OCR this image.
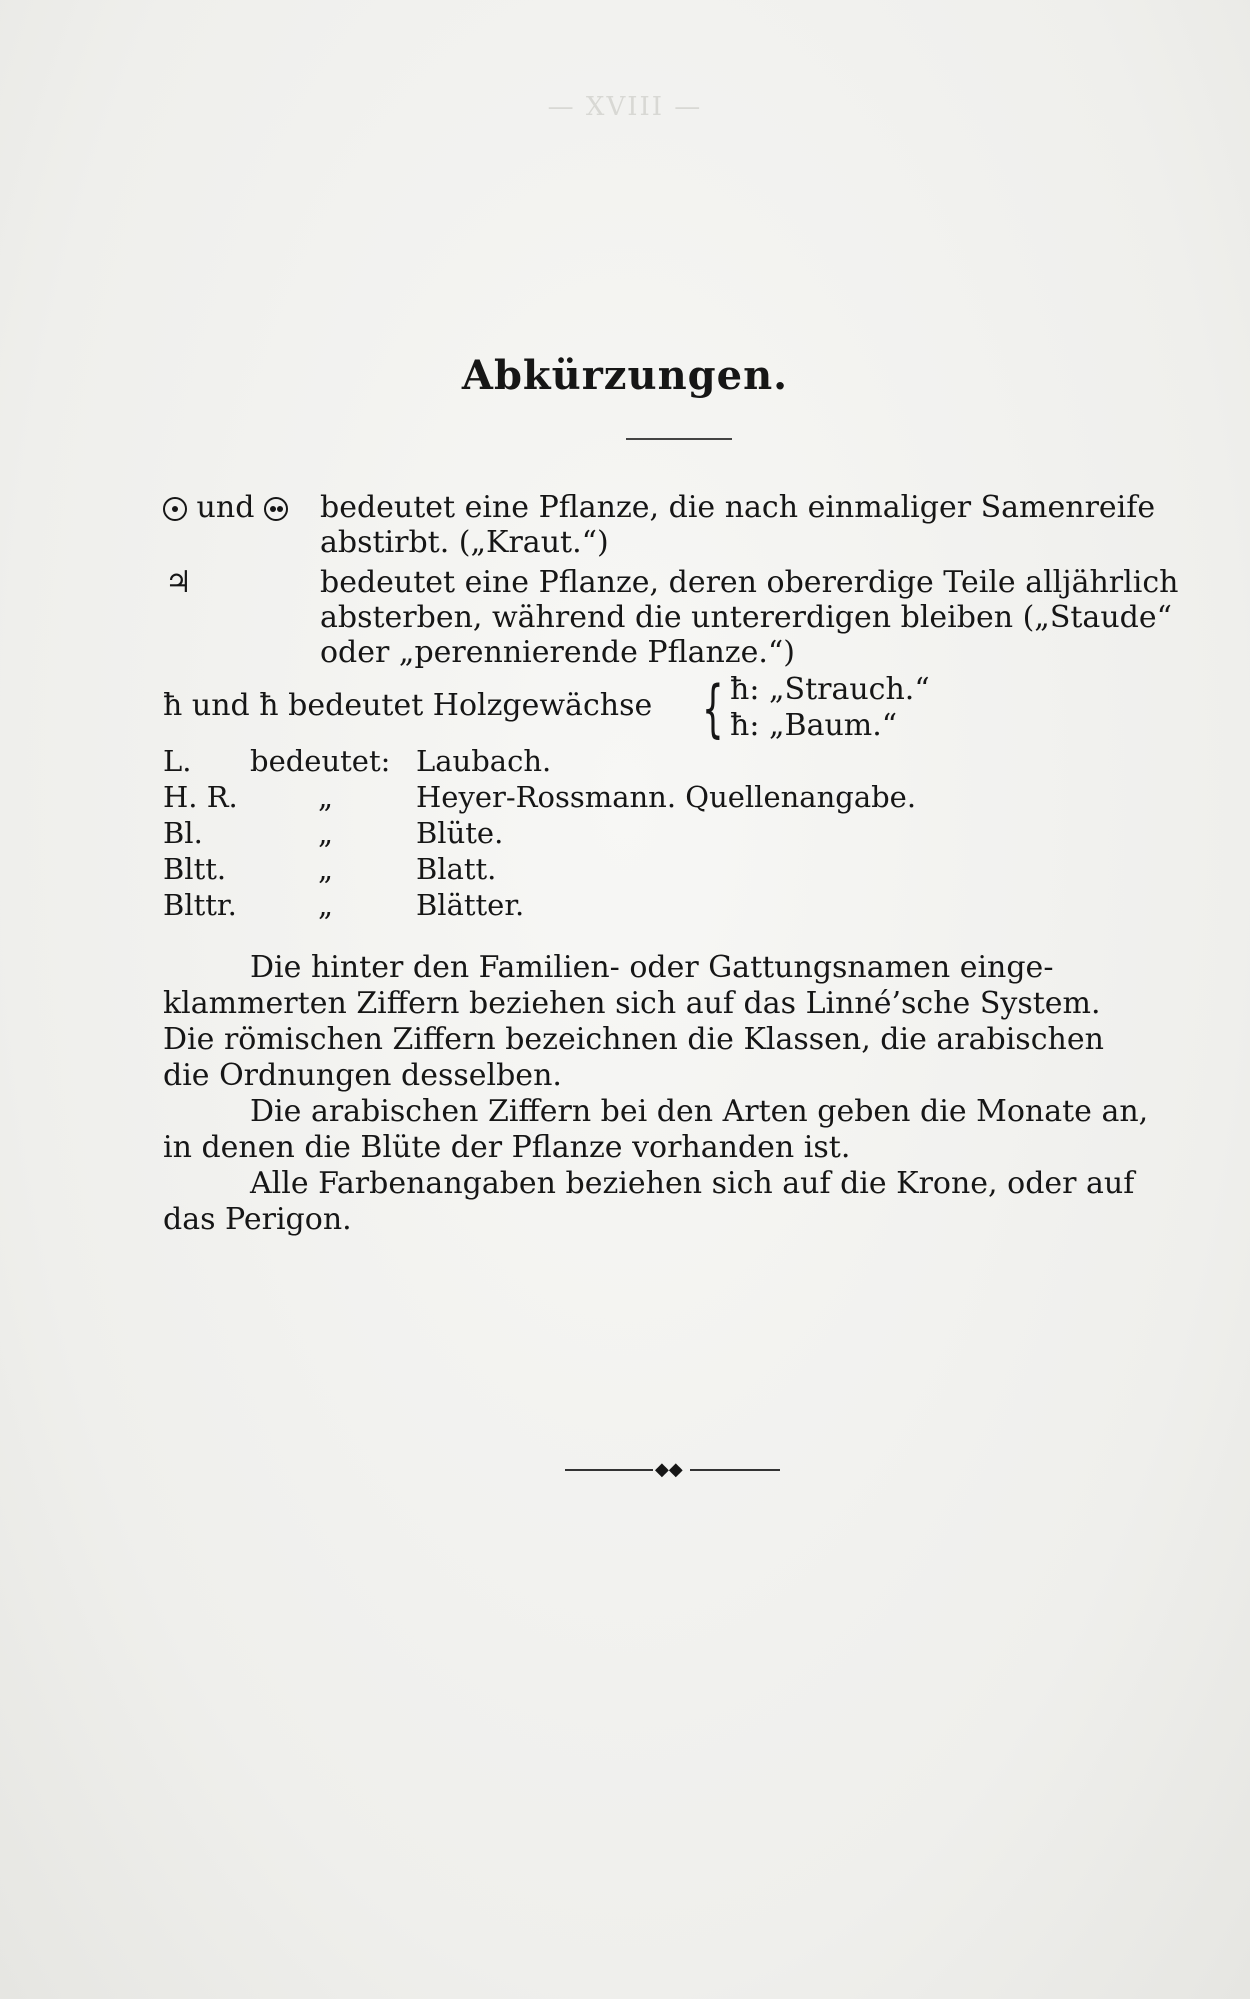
— XVIII —
Abkürzungen.
und	bedeutet eine Pflanze, die nach einmaliger Samenreife
abstirbt. („Kraut.“)
♃	bedeutet eine Pflanze, deren obererdige Teile alljährlich
absterben, während die untererdigen bleiben („Staude“
oder „perennierende Pflanze.“)
ħ und ħ bedeutet Holzgewächse { ħ: „Strauch.“
ħ: „Baum.“
L. bedeutet: Laubach.
H. R.	„	Heyer-Rossmann. Quellenangabe.
Bl.	„	Blüte.
Bltt.	„	Blatt.
Blttr.	„	Blätter.
Die hinter den Familien- oder Gattungsnamen einge-
klammerten Ziffern beziehen sich auf das Linné’sche System.
Die römischen Ziffern bezeichnen die Klassen, die arabischen
die Ordnungen desselben.
Die arabischen Ziffern bei den Arten geben die Monate an,
in denen die Blüte der Pflanze vorhanden ist.
Alle Farbenangaben beziehen sich auf die Krone, oder auf
das Perigon.
◆◆
